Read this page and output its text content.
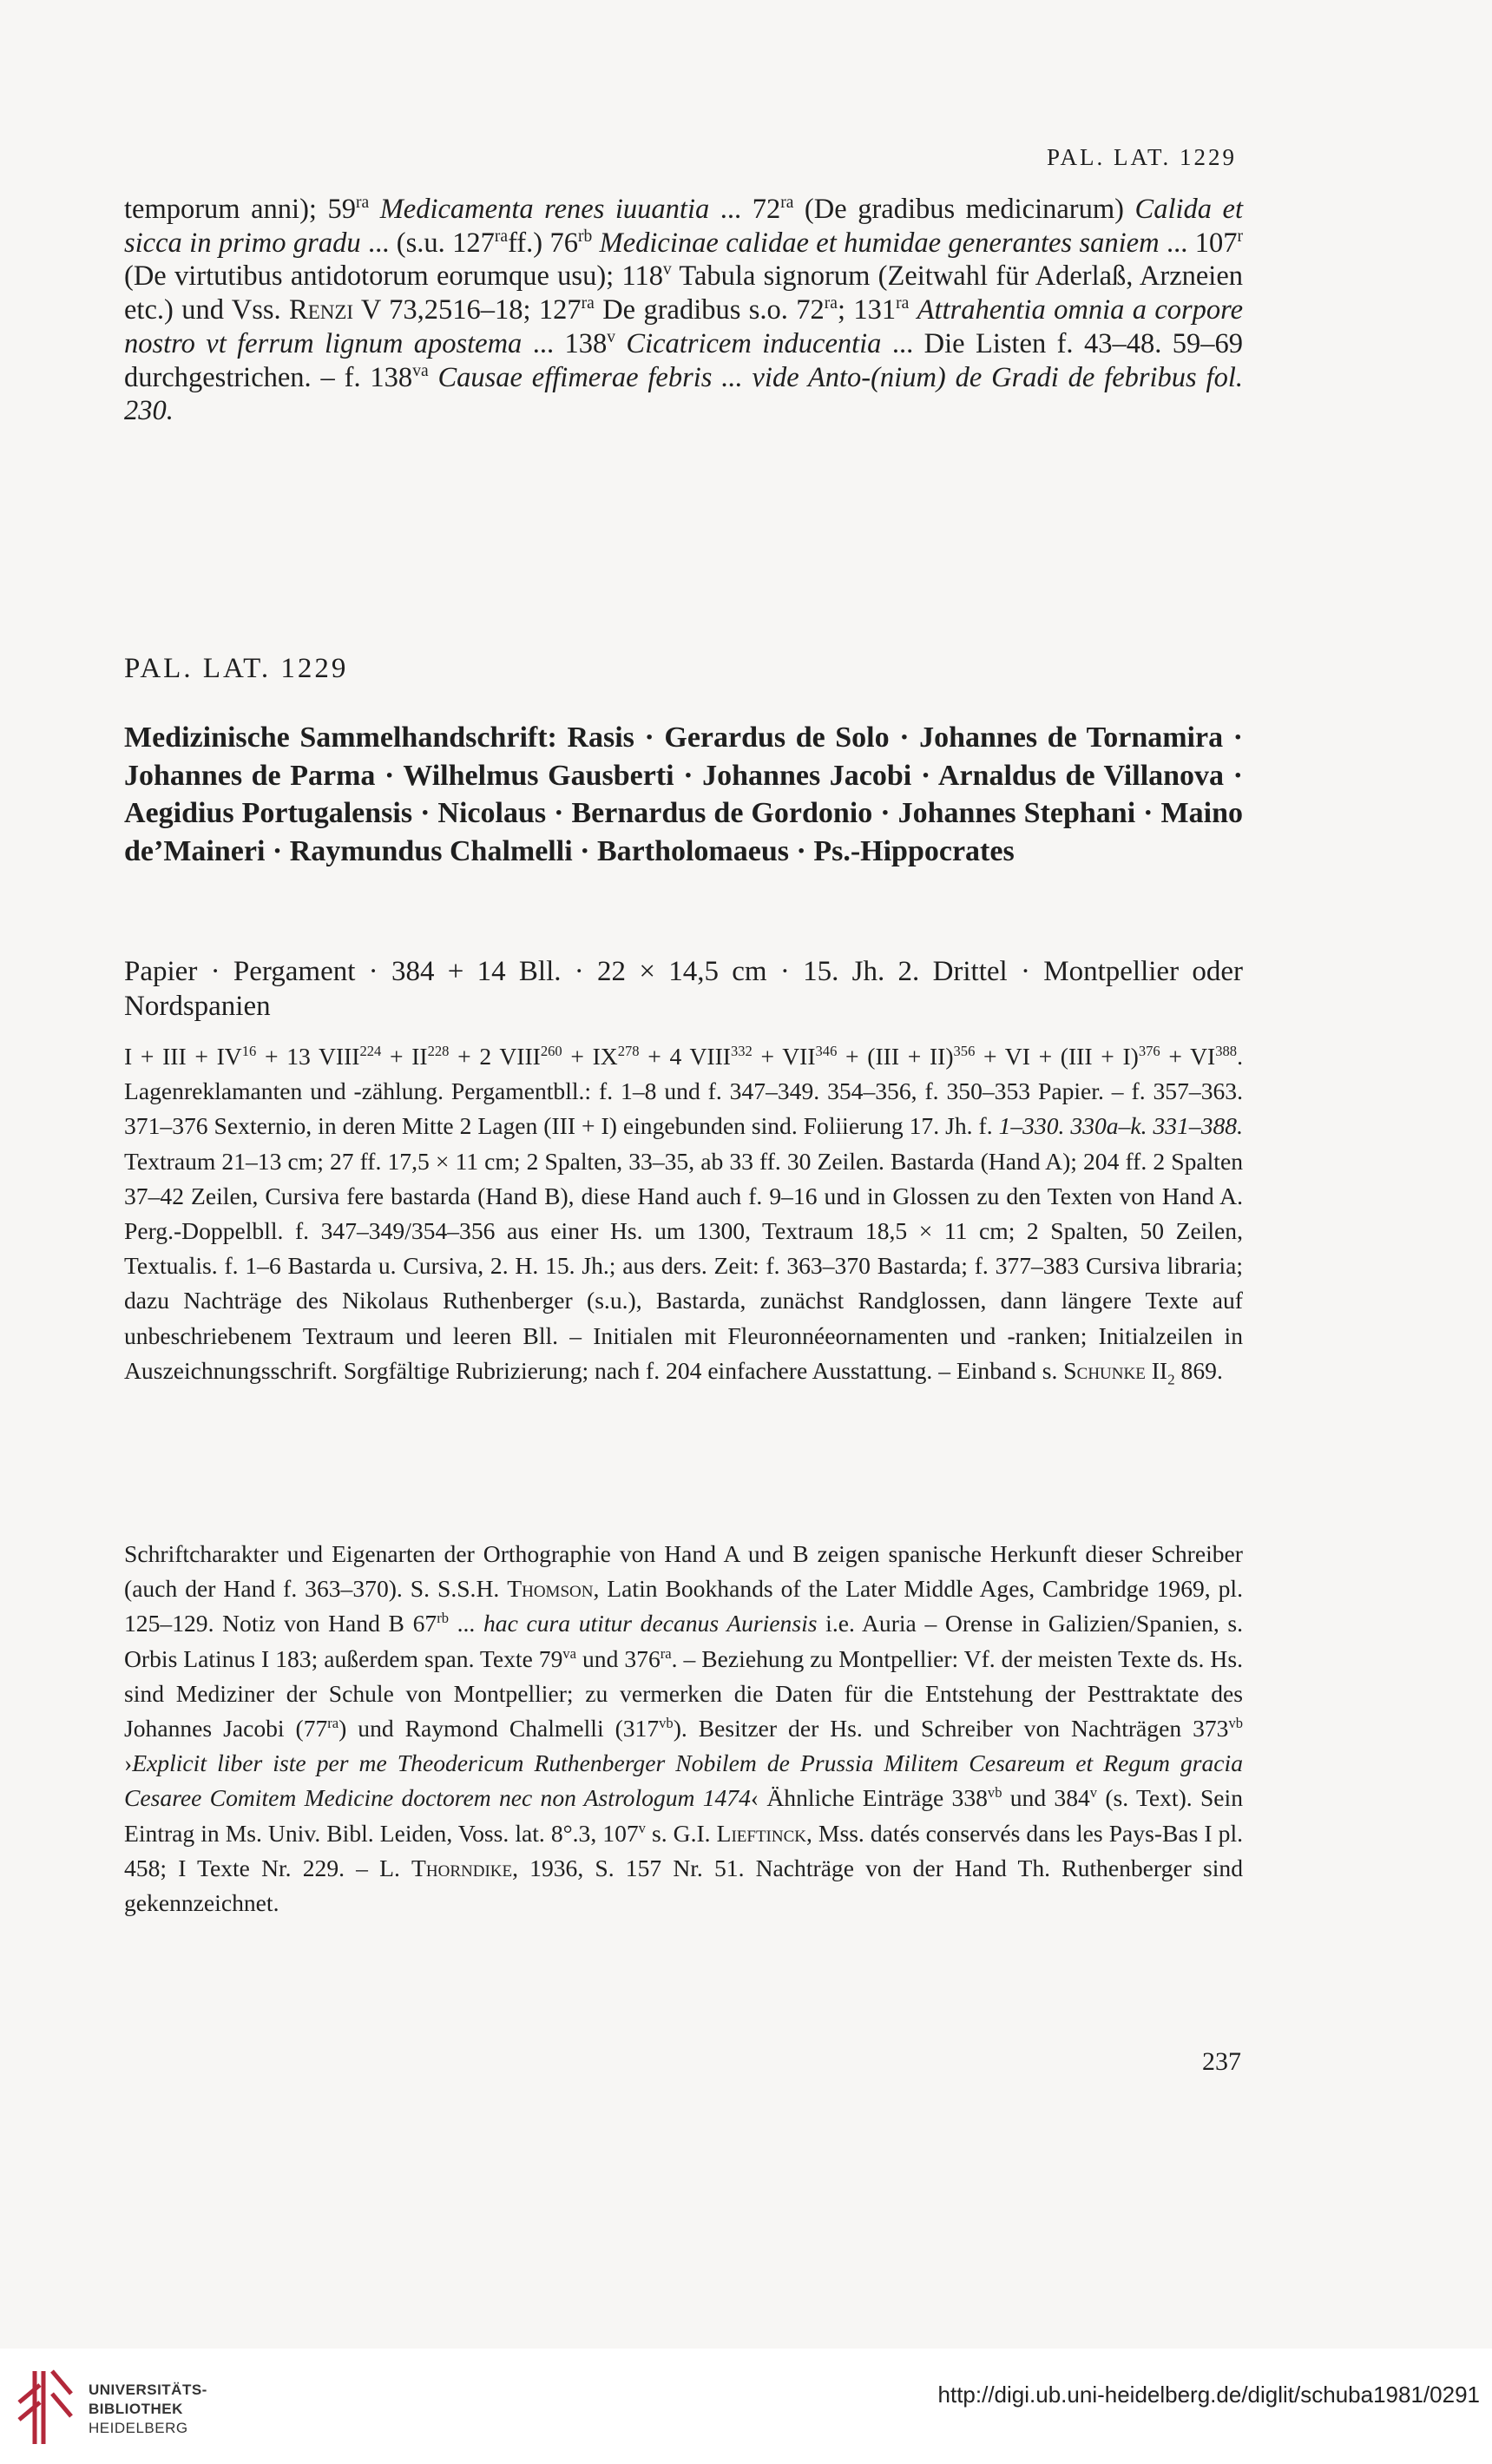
PAL. LAT. 1229
temporum anni); $59^{ra}$ Medicamenta renes iuuantia ... $72^{ra}$ (De gradibus medicinarum) Calida et sicca in primo gradu ... (s.u. $127^{ra}ff$.) $76^{rb}$ Medicinae calidae et humidae generantes saniem ... 107$^r$ (De virtutibus antidotorum eorumque usu); 118$^v$ Tabula signorum (Zeitwahl für Aderlaß, Arzneien etc.) und Vss. Renzi V 73,2516–18; $127^{ra}$ De gradibus s.o. $72^{ra}$; $131^{ra}$ Attrahentia omnia a corpore nostro vt ferrum lignum apostema ... 138$^v$ Cicatricem inducentia ... Die Listen f. 43–48. 59–69 durchgestrichen. – f. $138^{va}$ Causae effimerae febris ... vide Anto-(nium) de Gradi de febribus fol. 230.
PAL. LAT. 1229
Medizinische Sammelhandschrift: Rasis · Gerardus de Solo · Johannes de Tornamira · Johannes de Parma · Wilhelmus Gausberti · Johannes Jacobi · Arnaldus de Villanova · Aegidius Portugalensis · Nicolaus · Bernardus de Gordonio · Johannes Stephani · Maino de’Maineri · Raymundus Chalmelli · Bartholomaeus · Ps.-Hippocrates
Papier · Pergament · 384 + 14 Bll. · 22 × 14,5 cm · 15. Jh. 2. Drittel · Montpellier oder Nordspanien
I + III + $IV^{16} + 13$ $VIII^{224} + II^{228} + 2$ $VIII^{260} + IX^{278} + 4$ $VIII^{332} + VII^{346} + (III + II)^{356}$ + VI + $(III + I)^{376} + VI^{388}$. Lagenreklamanten und -zählung. Pergamentbll.: f. 1–8 und f. 347–349. 354–356, f. 350–353 Papier. – f. 357–363. 371–376 Sexternio, in deren Mitte 2 Lagen (III + I) eingebunden sind. Foliierung 17. Jh. f. 1–330. 330a–k. 331–388. Textraum 21–13 cm; 27 ff. 17,5 × 11 cm; 2 Spalten, 33–35, ab 33 ff. 30 Zeilen. Bastarda (Hand A); 204 ff. 2 Spalten 37–42 Zeilen, Cursiva fere bastarda (Hand B), diese Hand auch f. 9–16 und in Glossen zu den Texten von Hand A. Perg.-Doppelbll. f. 347–349/354–356 aus einer Hs. um 1300, Textraum 18,5 × 11 cm; 2 Spalten, 50 Zeilen, Textualis. f. 1–6 Bastarda u. Cursiva, 2. H. 15. Jh.; aus ders. Zeit: f. 363–370 Bastarda; f. 377–383 Cursiva libraria; dazu Nachträge des Nikolaus Ruthenberger (s.u.), Bastarda, zunächst Randglossen, dann längere Texte auf unbeschriebenem Textraum und leeren Bll. – Initialen mit Fleuronnéeornamenten und -ranken; Initialzeilen in Auszeichnungsschrift. Sorgfältige Rubrizierung; nach f. 204 einfachere Ausstattung. – Einband s. Schunke $II_2$ 869.
Schriftcharakter und Eigenarten der Orthographie von Hand A und B zeigen spanische Herkunft dieser Schreiber (auch der Hand f. 363–370). S. S.S.H. Thomson, Latin Bookhands of the Later Middle Ages, Cambridge 1969, pl. 125–129. Notiz von Hand B $67^{rb}$ ... hac cura utitur decanus Auriensis i.e. Auria – Orense in Galizien/Spanien, s. Orbis Latinus I 183; außerdem span. Texte $79^{va}$ und $376^{ra}$. – Beziehung zu Montpellier: Vf. der meisten Texte ds. Hs. sind Mediziner der Schule von Montpellier; zu vermerken die Daten für die Entstehung der Pesttraktate des Johannes Jacobi $(77^{ra})$ und Raymond Chalmelli $(317^{vb})$. Besitzer der Hs. und Schreiber von Nachträgen $373^{vb}$ ›Explicit liber iste per me Theodericum Ruthenberger Nobilem de Prussia Militem Cesareum et Regum gracia Cesaree Comitem Medicine doctorem nec non Astrologum 1474‹ Ähnliche Einträge $338^{vb}$ und 384$^v$ (s. Text). Sein Eintrag in Ms. Univ. Bibl. Leiden, Voss. lat. 8°.3, 107$^v$ s. G.I. Lieftinck, Mss. datés conservés dans les Pays-Bas I pl. 458; I Texte Nr. 229. – L. Thorndike, 1936, S. 157 Nr. 51. Nachträge von der Hand Th. Ruthenberger sind gekennzeichnet.
237
UNIVERSITÄTS-
BIBLIOTHEK
HEIDELBERG
http://digi.ub.uni-heidelberg.de/diglit/schuba1981/0291
